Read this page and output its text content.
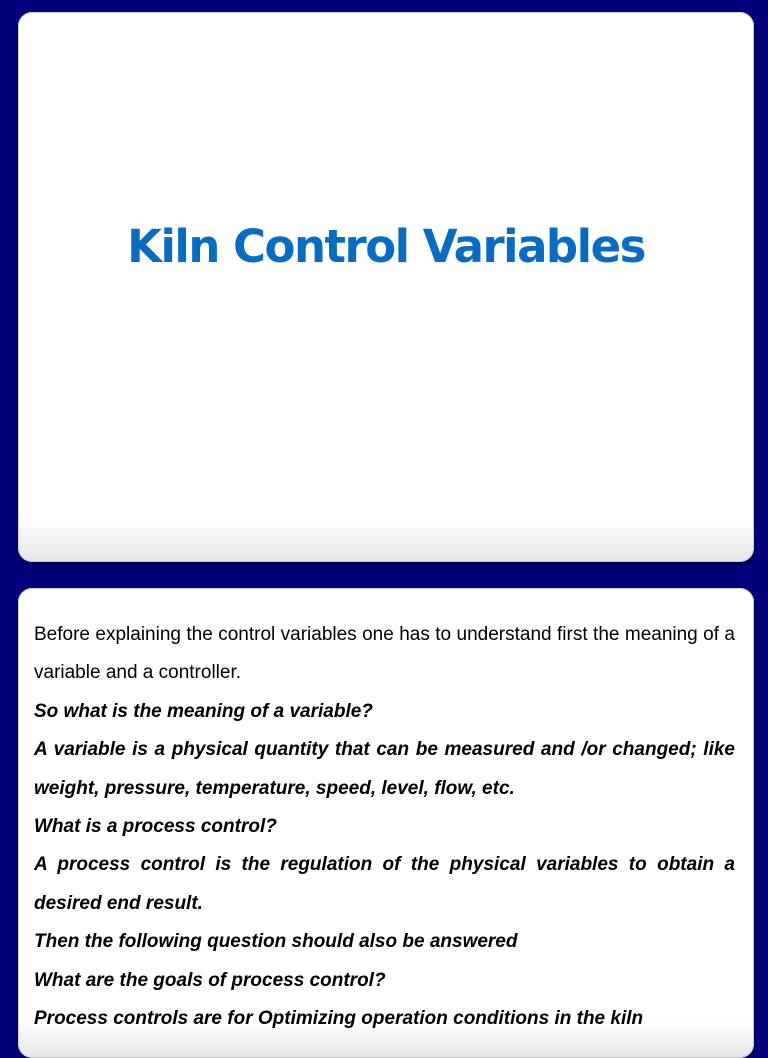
Kiln Control Variables

Before explaining the control variables one has to understand first the meaning of a variable and a controller.

So what is the meaning of a variable?

A variable is a physical quantity that can be measured and /or changed; like weight, pressure, temperature, speed, level, flow, etc.

What is a process control?

A process control is the regulation of the physical variables to obtain a desired end result.

Then the following question should also be answered

What are the goals of process control?

Process controls are for Optimizing operation conditions in the kiln
